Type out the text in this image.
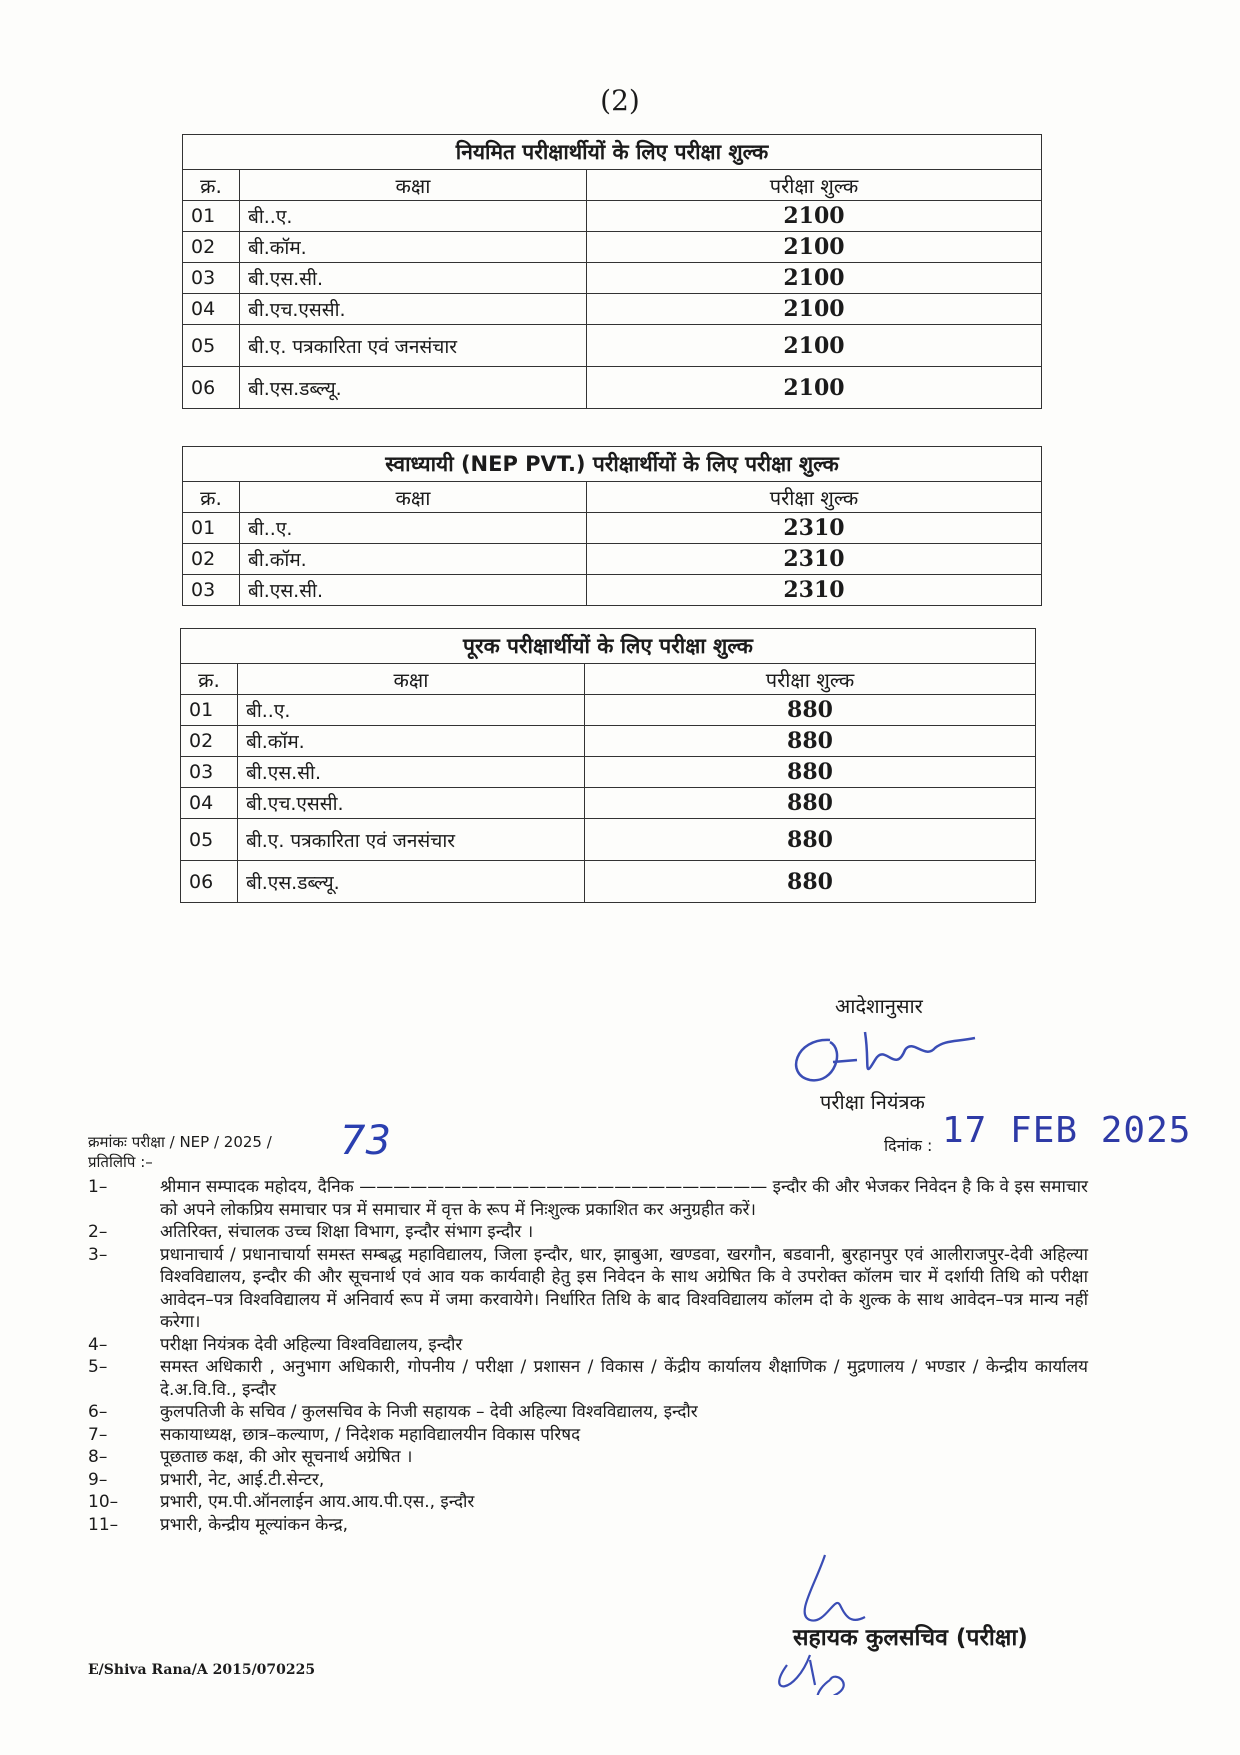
(2)
नियमित परीक्षार्थीयों के लिए परीक्षा शुल्क		
क्र.	कक्षा	परीक्षा शुल्क
01	बी..ए.	2100
02	बी.कॉम.	2100
03	बी.एस.सी.	2100
04	बी.एच.एससी.	2100
05	बी.ए. पत्रकारिता एवं जनसंचार	2100
06	बी.एस.डब्ल्यू.	2100
स्वाध्यायी (NEP PVT.) परीक्षार्थीयों के लिए परीक्षा शुल्क		
क्र.	कक्षा	परीक्षा शुल्क
01	बी..ए.	2310
02	बी.कॉम.	2310
03	बी.एस.सी.	2310
पूरक परीक्षार्थीयों के लिए परीक्षा शुल्क		
क्र.	कक्षा	परीक्षा शुल्क
01	बी..ए.	880
02	बी.कॉम.	880
03	बी.एस.सी.	880
04	बी.एच.एससी.	880
05	बी.ए. पत्रकारिता एवं जनसंचार	880
06	बी.एस.डब्ल्यू.	880
आदेशानुसार
परीक्षा नियंत्रक
क्रमांकः परीक्षा / NEP / 2025 / 73
प्रतिलिपि :–
दिनांक : 17 FEB 2025
1–	श्रीमान सम्पादक महोदय, दैनिक ———————————————————————— इन्दौर की और भेजकर निवेदन है कि वे इस समाचार को अपने लोकप्रिय समाचार पत्र में समाचार में वृत्त के रूप में निःशुल्क प्रकाशित कर अनुग्रहीत करें।
2–	अतिरिक्त, संचालक उच्च शिक्षा विभाग, इन्दौर संभाग इन्दौर ।
3–	प्रधानाचार्य / प्रधानाचार्या समस्त सम्बद्ध महाविद्यालय, जिला इन्दौर, धार, झाबुआ, खण्डवा, खरगौन, बडवानी, बुरहानपुर एवं आलीराजपुर-देवी अहिल्या विश्वविद्यालय, इन्दौर की और सूचनार्थ एवं आव यक कार्यवाही हेतु इस निवेदन के साथ अग्रेषित कि वे उपरोक्त कॉलम चार में दर्शायी तिथि को परीक्षा आवेदन–पत्र विश्वविद्यालय में अनिवार्य रूप में जमा करवायेगे। निर्धारित तिथि के बाद विश्वविद्यालय कॉलम दो के शुल्क के साथ आवेदन–पत्र मान्य नहीं करेगा।
4–	परीक्षा नियंत्रक देवी अहिल्या विश्वविद्यालय, इन्दौर
5–	समस्त अधिकारी , अनुभाग अधिकारी, गोपनीय / परीक्षा / प्रशासन / विकास / केंद्रीय कार्यालय शैक्षाणिक / मुद्रणालय / भण्डार / केन्द्रीय कार्यालय दे.अ.वि.वि., इन्दौर
6–	कुलपतिजी के सचिव / कुलसचिव के निजी सहायक – देवी अहिल्या विश्वविद्यालय, इन्दौर
7–	सकायाध्यक्ष, छात्र–कल्याण, / निदेशक महाविद्यालयीन विकास परिषद
8–	पूछताछ कक्ष, की ओर सूचनार्थ अग्रेषित ।
9–	प्रभारी, नेट, आई.टी.सेन्टर,
10–	प्रभारी, एम.पी.ऑनलाईन आय.आय.पी.एस., इन्दौर
11–	प्रभारी, केन्द्रीय मूल्यांकन केन्द्र,
सहायक कुलसचिव (परीक्षा)
E/Shiva Rana/A 2015/070225
